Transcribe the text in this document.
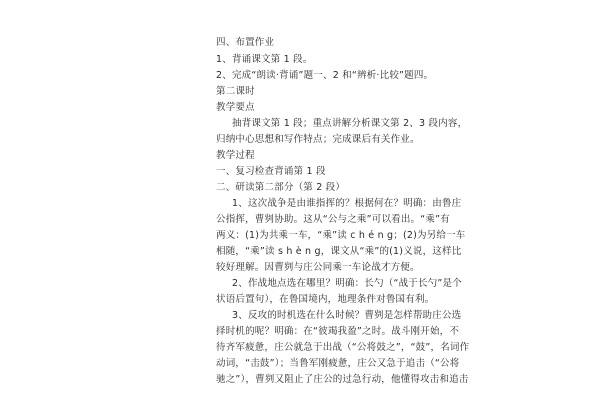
四、布置作业
1、背诵课文第 1 段。
2、完成“朗读·背诵”题一、2 和“辨析·比较”题四。
第二课时
教学要点
抽背课文第 1 段；重点讲解分析课文第 2、3 段内容，
归纳中心思想和写作特点；完成课后有关作业。
教学过程
一、复习检查背诵第 1 段
二、研读第二部分（第 2 段）
1、这次战争是由谁指挥的？根据何在？明确：由鲁庄
公指挥，曹刿协助。这从“公与之乘”可以看出。“乘”有
两义：(1)为共乘一车，“乘”读 c h é n g；(2)为另给一车
相随，“乘”读 s h è n g，课文从“乘”的(1)义说，这样比
较好理解。因曹刿与庄公同乘一车论战才方便。
2、作战地点选在哪里？明确：长勺（“战于长勺”是个
状语后置句），在鲁国境内，地理条件对鲁国有利。
3、反攻的时机选在什么时候？曹刿是怎样帮助庄公选
择时机的呢？明确：在“彼竭我盈”之时。战斗刚开始，不
待齐军疲惫，庄公就急于出战（“公将鼓之”，“鼓”，名词作
动词，“击鼓”）；当鲁军刚疲惫，庄公又急于追击（“公将
驰之”），曹刿又阻止了庄公的过急行动，他懂得攻击和追击
